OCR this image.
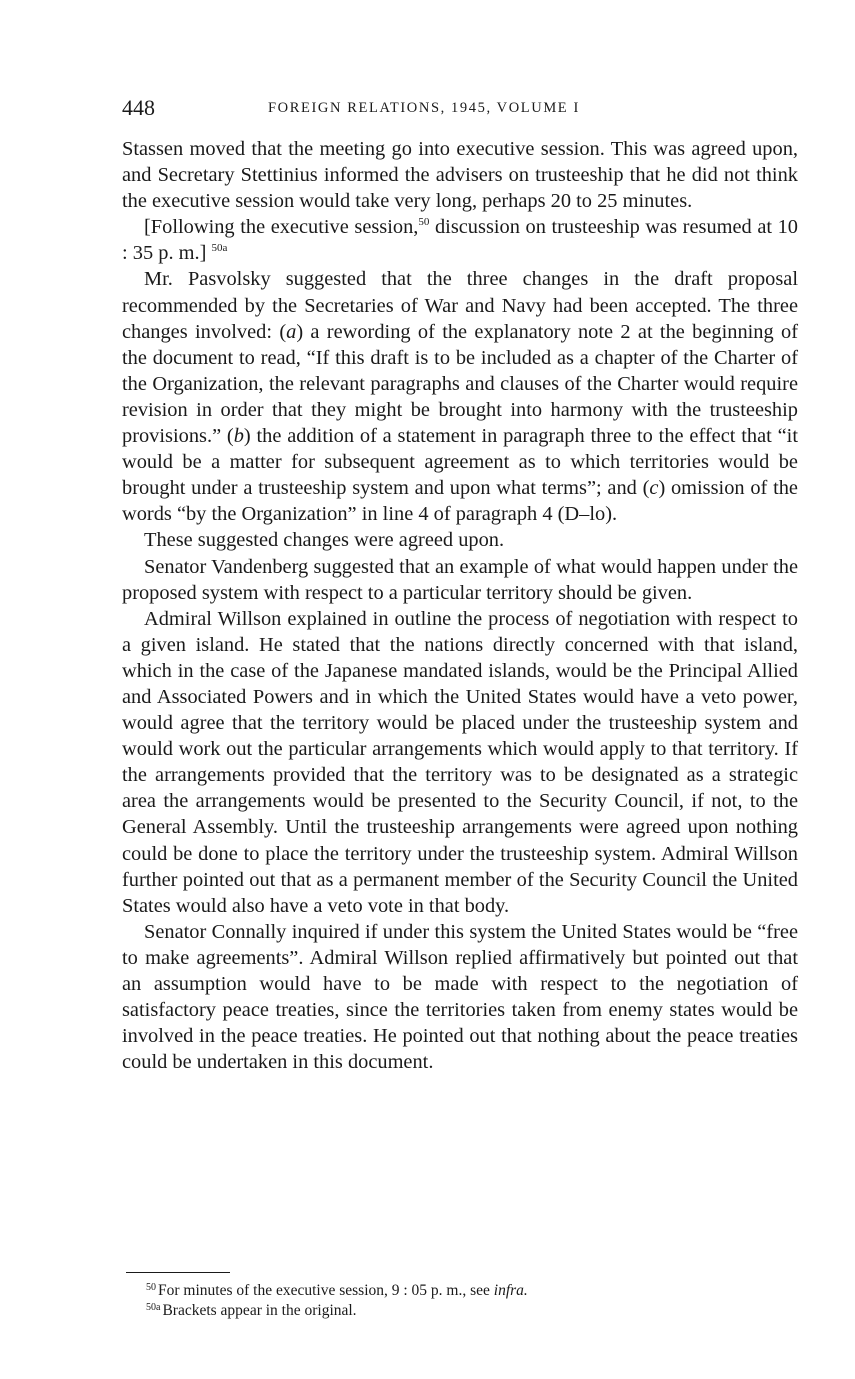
448	FOREIGN RELATIONS, 1945, VOLUME I

Stassen moved that the meeting go into executive session. This was agreed upon, and Secretary Stettinius informed the advisers on trusteeship that he did not think the executive session would take very long, perhaps 20 to 25 minutes.

[Following the executive session,$^{50}$ discussion on trusteeship was resumed at 10 : 35 p. m.] $^{50a}$

Mr. Pasvolsky suggested that the three changes in the draft proposal recommended by the Secretaries of War and Navy had been accepted. The three changes involved: (a) a rewording of the explanatory note 2 at the beginning of the document to read, “If this draft is to be included as a chapter of the Charter of the Organization, the relevant paragraphs and clauses of the Charter would require revision in order that they might be brought into harmony with the trusteeship provisions.” (b) the addition of a statement in paragraph three to the effect that “it would be a matter for subsequent agreement as to which territories would be brought under a trusteeship system and upon what terms”; and (c) omission of the words “by the Organization” in line 4 of paragraph 4 (D–lo).

These suggested changes were agreed upon.

Senator Vandenberg suggested that an example of what would happen under the proposed system with respect to a particular territory should be given.

Admiral Willson explained in outline the process of negotiation with respect to a given island. He stated that the nations directly concerned with that island, which in the case of the Japanese mandated islands, would be the Principal Allied and Associated Powers and in which the United States would have a veto power, would agree that the territory would be placed under the trusteeship system and would work out the particular arrangements which would apply to that territory. If the arrangements provided that the territory was to be designated as a strategic area the arrangements would be presented to the Security Council, if not, to the General Assembly. Until the trusteeship arrangements were agreed upon nothing could be done to place the territory under the trusteeship system. Admiral Willson further pointed out that as a permanent member of the Security Council the United States would also have a veto vote in that body.

Senator Connally inquired if under this system the United States would be “free to make agreements”. Admiral Willson replied affirmatively but pointed out that an assumption would have to be made with respect to the negotiation of satisfactory peace treaties, since the territories taken from enemy states would be involved in the peace treaties. He pointed out that nothing about the peace treaties could be undertaken in this document.

$^{50}$ For minutes of the executive session, 9 : 05 p. m., see infra.
$^{50a}$ Brackets appear in the original.
